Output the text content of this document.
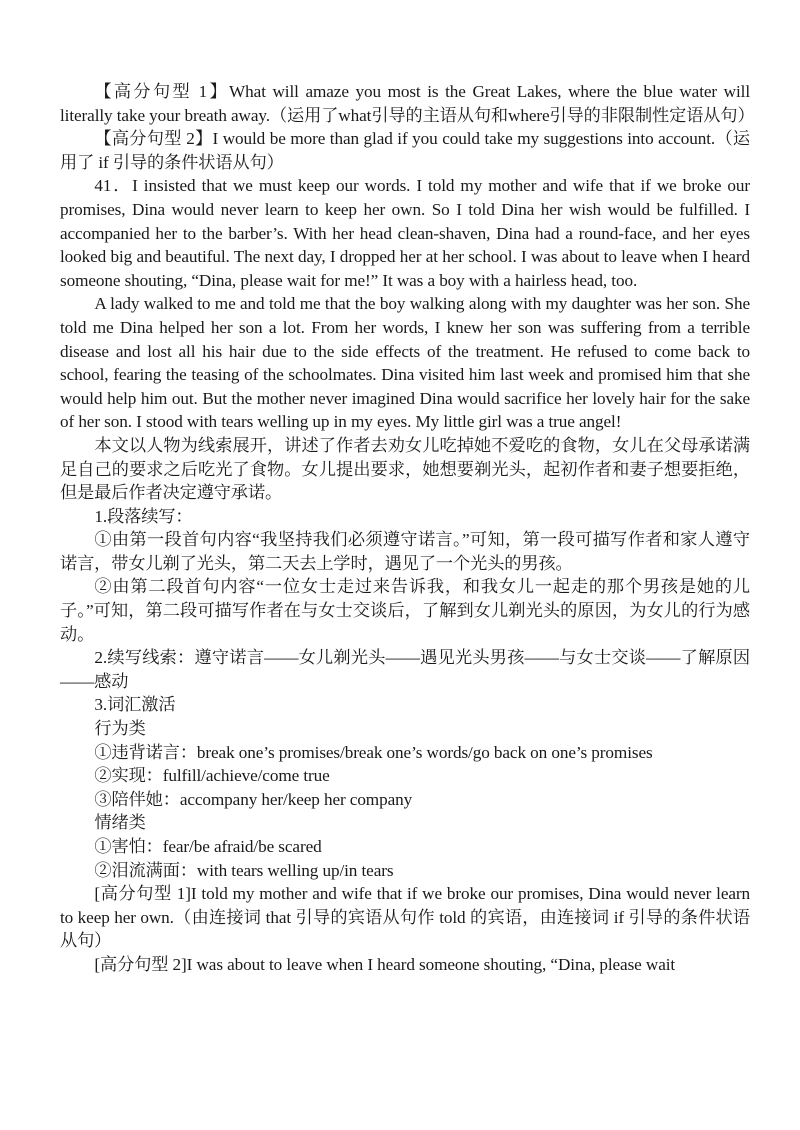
【高分句型 1】What will amaze you most is the Great Lakes, where the blue water will literally take your breath away.（运用了what引导的主语从句和where引导的非限制性定语从句）

【高分句型 2】I would be more than glad if you could take my suggestions into account.（运用了 if 引导的条件状语从句）

41．I insisted that we must keep our words. I told my mother and wife that if we broke our promises, Dina would never learn to keep her own. So I told Dina her wish would be fulfilled. I accompanied her to the barber’s. With her head clean-shaven, Dina had a round-face, and her eyes looked big and beautiful. The next day, I dropped her at her school. I was about to leave when I heard someone shouting, “Dina, please wait for me!” It was a boy with a hairless head, too.

A lady walked to me and told me that the boy walking along with my daughter was her son. She told me Dina helped her son a lot. From her words, I knew her son was suffering from a terrible disease and lost all his hair due to the side effects of the treatment. He refused to come back to school, fearing the teasing of the schoolmates. Dina visited him last week and promised him that she would help him out. But the mother never imagined Dina would sacrifice her lovely hair for the sake of her son. I stood with tears welling up in my eyes. My little girl was a true angel!

本文以人物为线索展开，讲述了作者去劝女儿吃掉她不爱吃的食物，女儿在父母承诺满足自己的要求之后吃光了食物。女儿提出要求，她想要剃光头，起初作者和妻子想要拒绝，但是最后作者决定遵守承诺。

1.段落续写：

①由第一段首句内容“我坚持我们必须遵守诺言。”可知，第一段可描写作者和家人遵守诺言，带女儿剃了光头，第二天去上学时，遇见了一个光头的男孩。

②由第二段首句内容“一位女士走过来告诉我，和我女儿一起走的那个男孩是她的儿子。”可知，第二段可描写作者在与女士交谈后，了解到女儿剃光头的原因，为女儿的行为感动。

2.续写线索：遵守诺言——女儿剃光头——遇见光头男孩——与女士交谈——了解原因——感动

3.词汇激活

行为类

①违背诺言：break one’s promises/break one’s words/go back on one’s promises

②实现：fulfill/achieve/come true

③陪伴她：accompany her/keep her company

情绪类

①害怕：fear/be afraid/be scared

②泪流满面：with tears welling up/in tears

[高分句型 1]I told my mother and wife that if we broke our promises, Dina would never learn to keep her own.（由连接词 that 引导的宾语从句作 told 的宾语，由连接词 if 引导的条件状语从句）

[高分句型 2]I was about to leave when I heard someone shouting, “Dina, please wait
